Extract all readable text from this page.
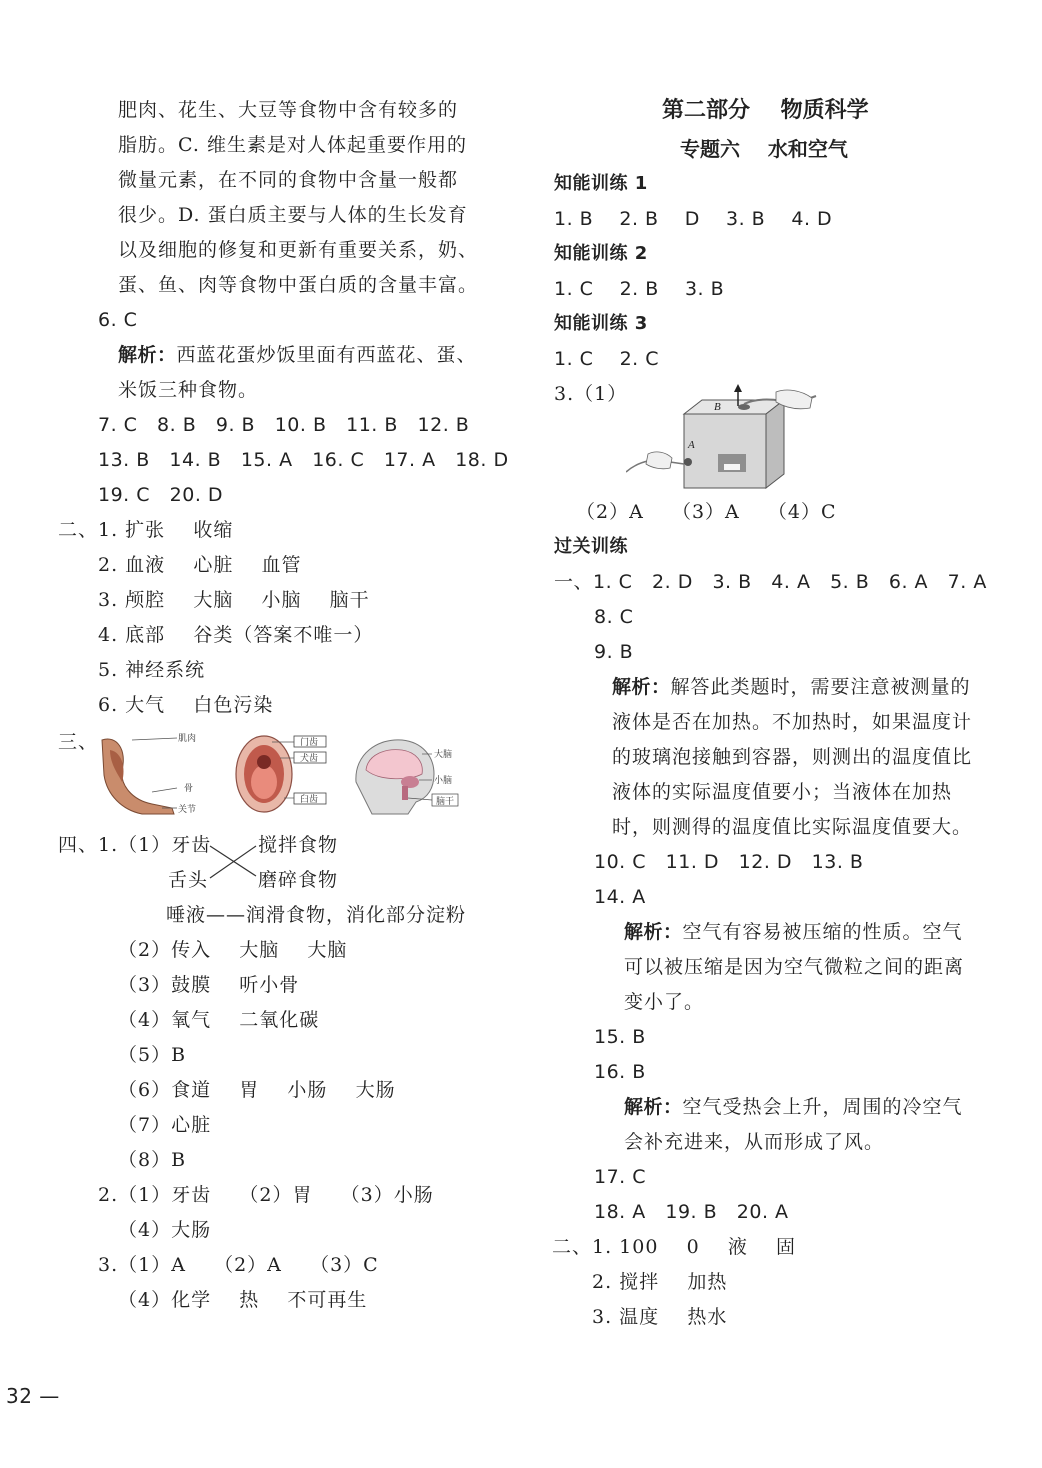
肥肉、花生、大豆等食物中含有较多的
脂肪。C. 维生素是对人体起重要作用的
微量元素，在不同的食物中含量一般都
很少。D. 蛋白质主要与人体的生长发育
以及细胞的修复和更新有重要关系，奶、
蛋、鱼、肉等食物中蛋白质的含量丰富。
6. C
解析：西蓝花蛋炒饭里面有西蓝花、蛋、
米饭三种食物。
7. C   8. B   9. B   10. B   11. B   12. B
13. B   14. B   15. A   16. C   17. A   18. D
19. C   20. D
二、1. 扩张    收缩
2. 血液    心脏    血管
3. 颅腔    大脑    小脑    脑干
4. 底部    谷类（答案不唯一）
5. 神经系统
6. 大气    白色污染
三、	肌肉
骨
关节
门齿
犬齿
臼齿
大脑
小脑
脑干
四、1.（1）牙齿 搅拌食物
舌头	磨碎食物
唾液——润滑食物，消化部分淀粉
（2）传入    大脑    大脑
（3）鼓膜    听小骨
（4）氧气    二氧化碳
（5）B
（6）食道    胃    小肠    大肠
（7）心脏
（8）B
2.（1）牙齿    （2）胃    （3）小肠
（4）大肠
3.（1）A    （2）A    （3）C
（4）化学    热    不可再生
第二部分    物质科学
专题六    水和空气
知能训练 1
1. B    2. B    D    3. B    4. D
知能训练 2
1. C    2. B    3. B
知能训练 3
1. C    2. C
3.（1）
B
A
（2）A    （3）A    （4）C
过关训练
一、1. C   2. D   3. B   4. A   5. B   6. A   7. A
8. C
9. B
解析：解答此类题时，需要注意被测量的
液体是否在加热。不加热时，如果温度计
的玻璃泡接触到容器，则测出的温度值比
液体的实际温度值要小；当液体在加热
时，则测得的温度值比实际温度值要大。
10. C   11. D   12. D   13. B
14. A
解析：空气有容易被压缩的性质。空气
可以被压缩是因为空气微粒之间的距离
变小了。
15. B
16. B
解析：空气受热会上升，周围的冷空气
会补充进来，从而形成了风。
17. C
18. A   19. B   20. A
二、1. 100    0    液    固
2. 搅拌    加热
3. 温度    热水
32 —
